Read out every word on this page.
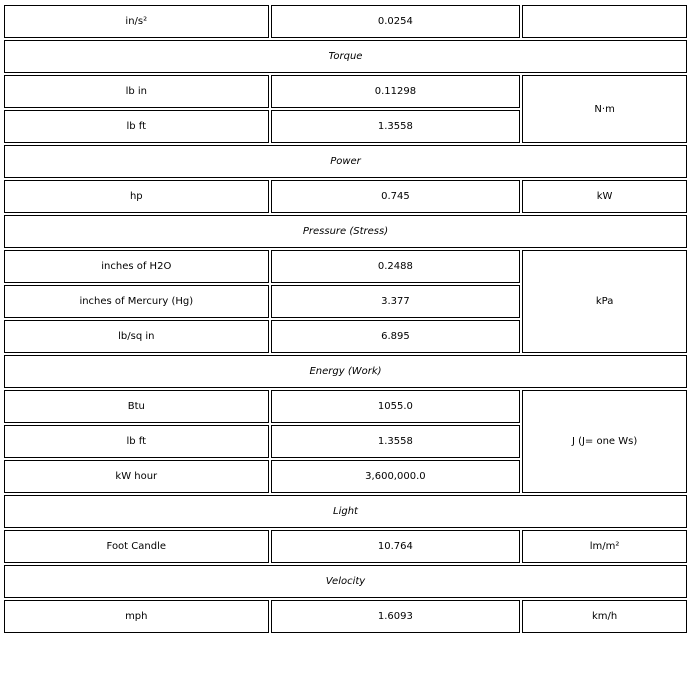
in/s²	0.0254	
Torque		
lb in	0.11298	N·m
lb ft	1.3558	
Power		
hp	0.745	kW
Pressure (Stress)		
inches of H2O	0.2488	kPa
inches of Mercury (Hg)	3.377	
lb/sq in	6.895	
Energy (Work)		
Btu	1055.0	J (J= one Ws)
lb ft	1.3558	
kW hour	3,600,000.0	
Light		
Foot Candle	10.764	lm/m²
Velocity		
mph	1.6093	km/h
